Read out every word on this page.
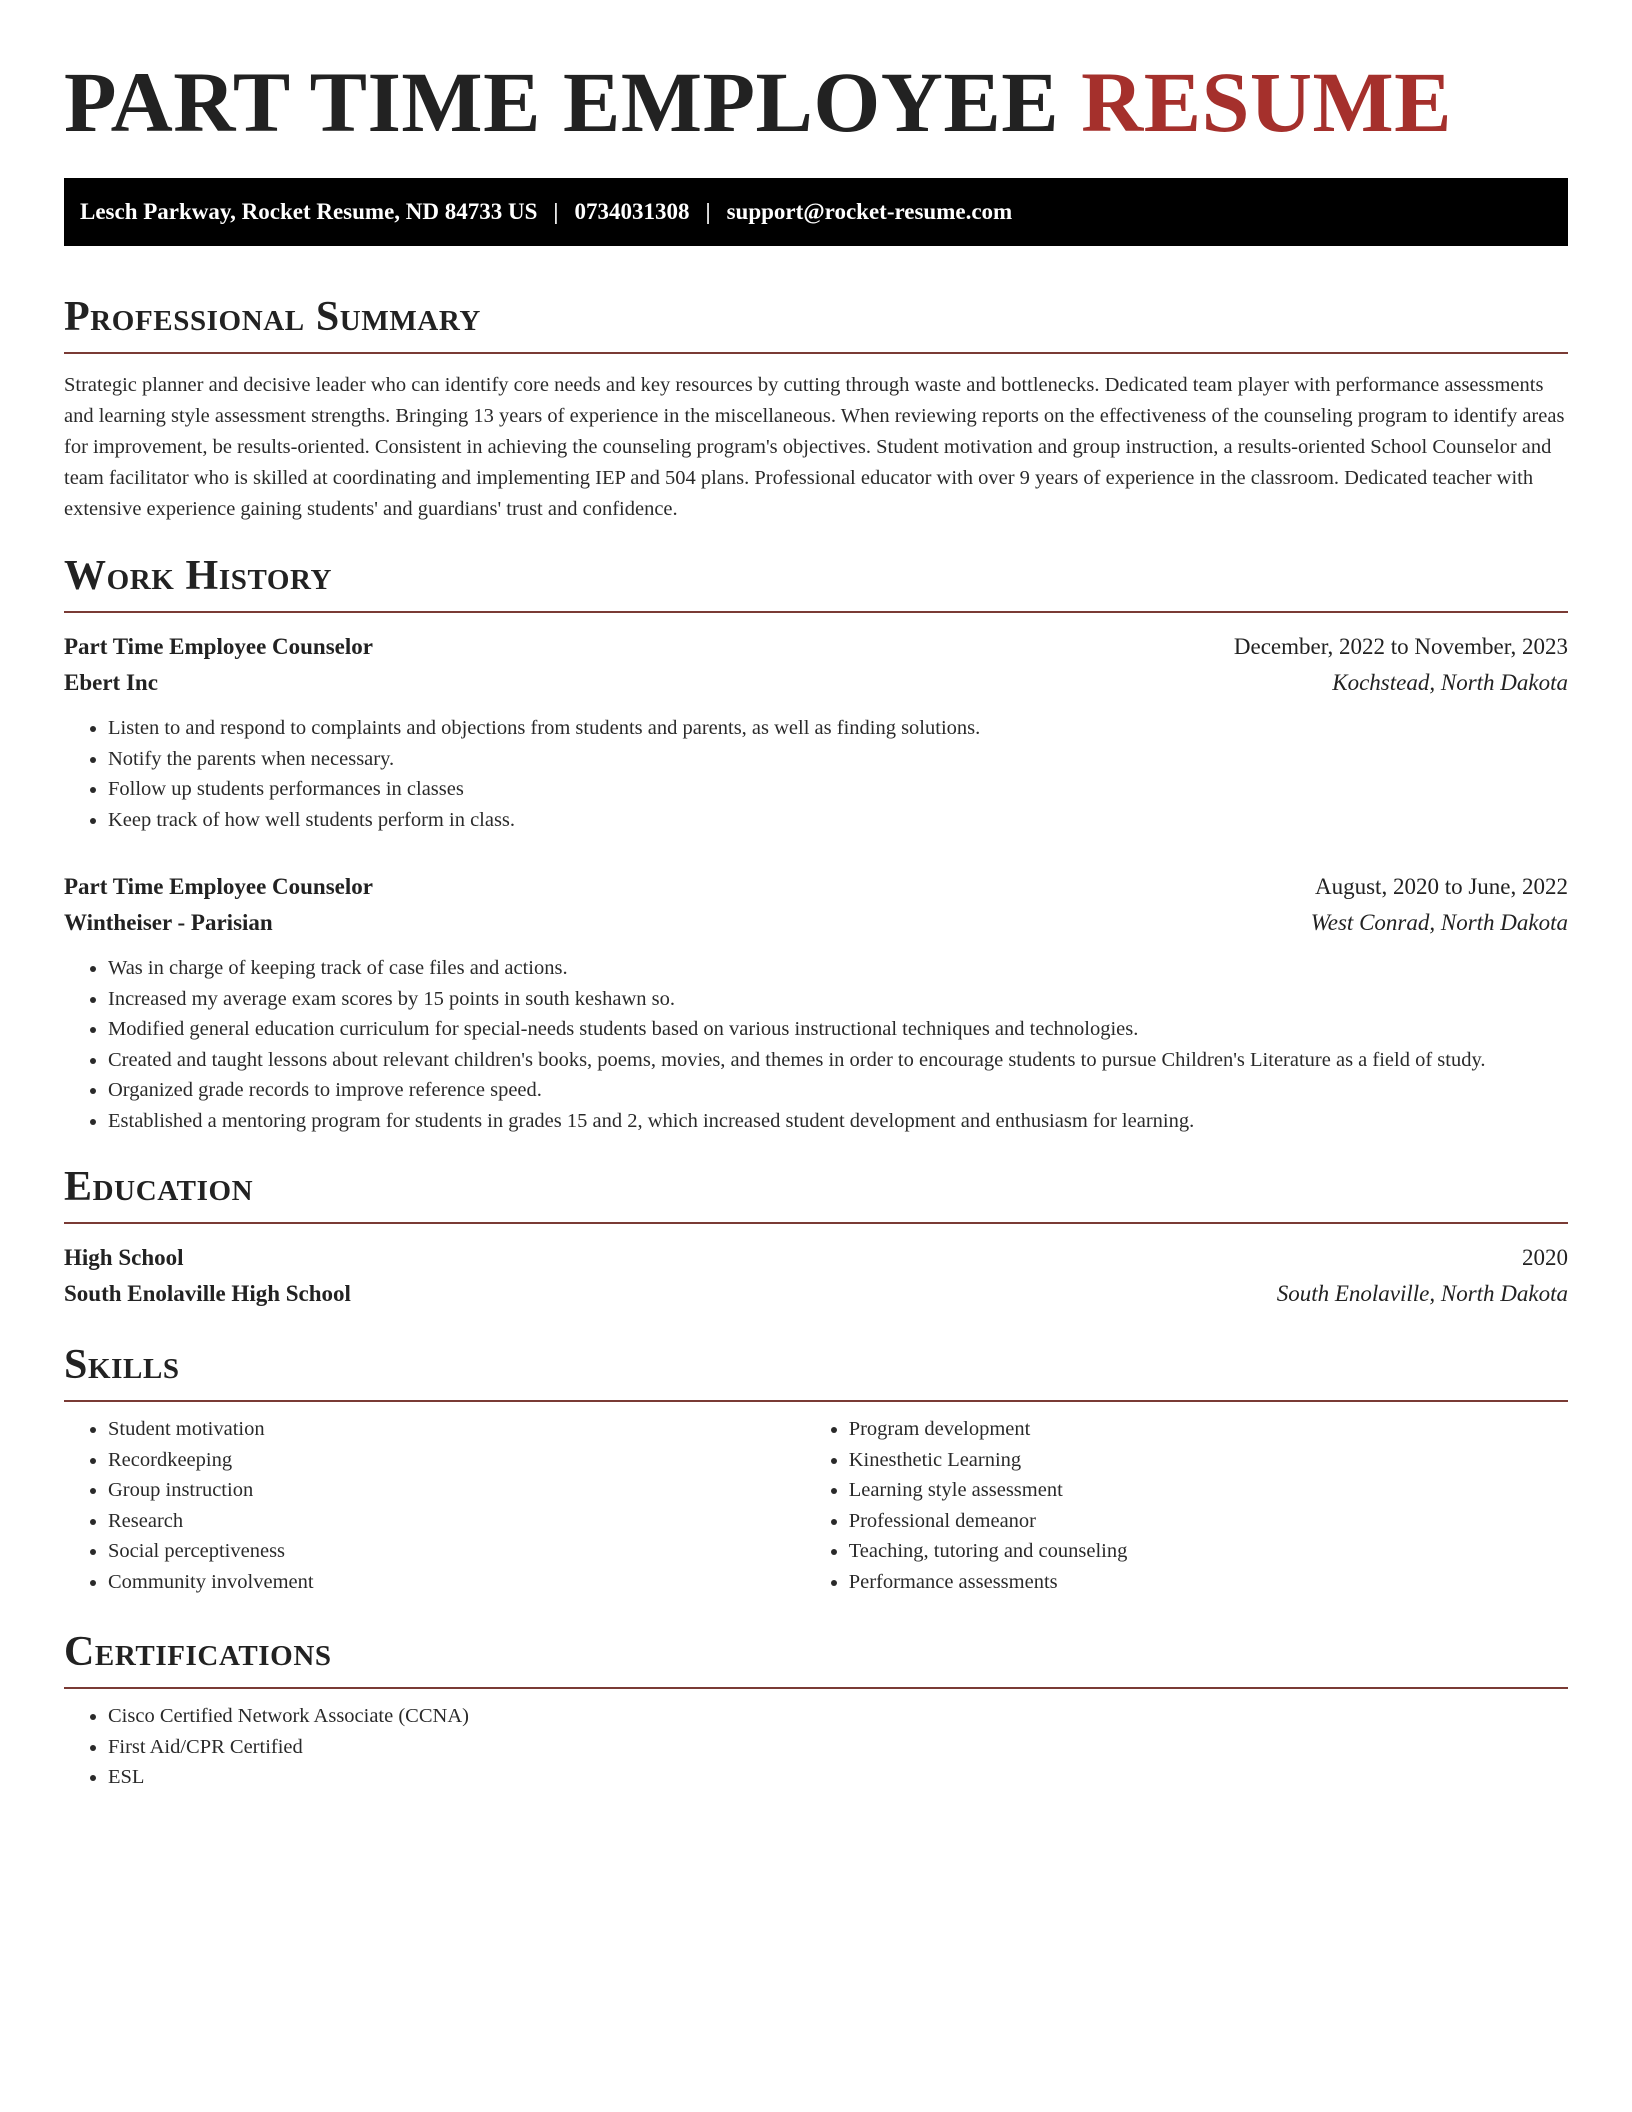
PART TIME EMPLOYEE RESUME
Lesch Parkway, Rocket Resume, ND 84733 US | 0734031308 | support@rocket-resume.com
Professional Summary

Strategic planner and decisive leader who can identify core needs and key resources by cutting through waste and bottlenecks. Dedicated team player with performance assessments and learning style assessment strengths. Bringing 13 years of experience in the miscellaneous. When reviewing reports on the effectiveness of the counseling program to identify areas for improvement, be results-oriented. Consistent in achieving the counseling program's objectives. Student motivation and group instruction, a results-oriented School Counselor and team facilitator who is skilled at coordinating and implementing IEP and 504 plans. Professional educator with over 9 years of experience in the classroom. Dedicated teacher with extensive experience gaining students' and guardians' trust and confidence.

Work History
Part Time Employee Counselor	December, 2022 to November, 2023
Ebert Inc	Kochstead, North Dakota
• Listen to and respond to complaints and objections from students and parents, as well as finding solutions.
• Notify the parents when necessary.
• Follow up students performances in classes
• Keep track of how well students perform in class.
Part Time Employee Counselor	August, 2020 to June, 2022
Wintheiser - Parisian	West Conrad, North Dakota
• Was in charge of keeping track of case files and actions.
• Increased my average exam scores by 15 points in south keshawn so.
• Modified general education curriculum for special-needs students based on various instructional techniques and technologies.
• Created and taught lessons about relevant children's books, poems, movies, and themes in order to encourage students to pursue Children's Literature as a field of study.
• Organized grade records to improve reference speed.
• Established a mentoring program for students in grades 15 and 2, which increased student development and enthusiasm for learning.
Education
High School	2020
South Enolaville High School	South Enolaville, North Dakota
Skills
• Student motivation
• Recordkeeping
• Group instruction
• Research
• Social perceptiveness
• Community involvement
• Program development
• Kinesthetic Learning
• Learning style assessment
• Professional demeanor
• Teaching, tutoring and counseling
• Performance assessments
Certifications
• Cisco Certified Network Associate (CCNA)
• First Aid/CPR Certified
• ESL
